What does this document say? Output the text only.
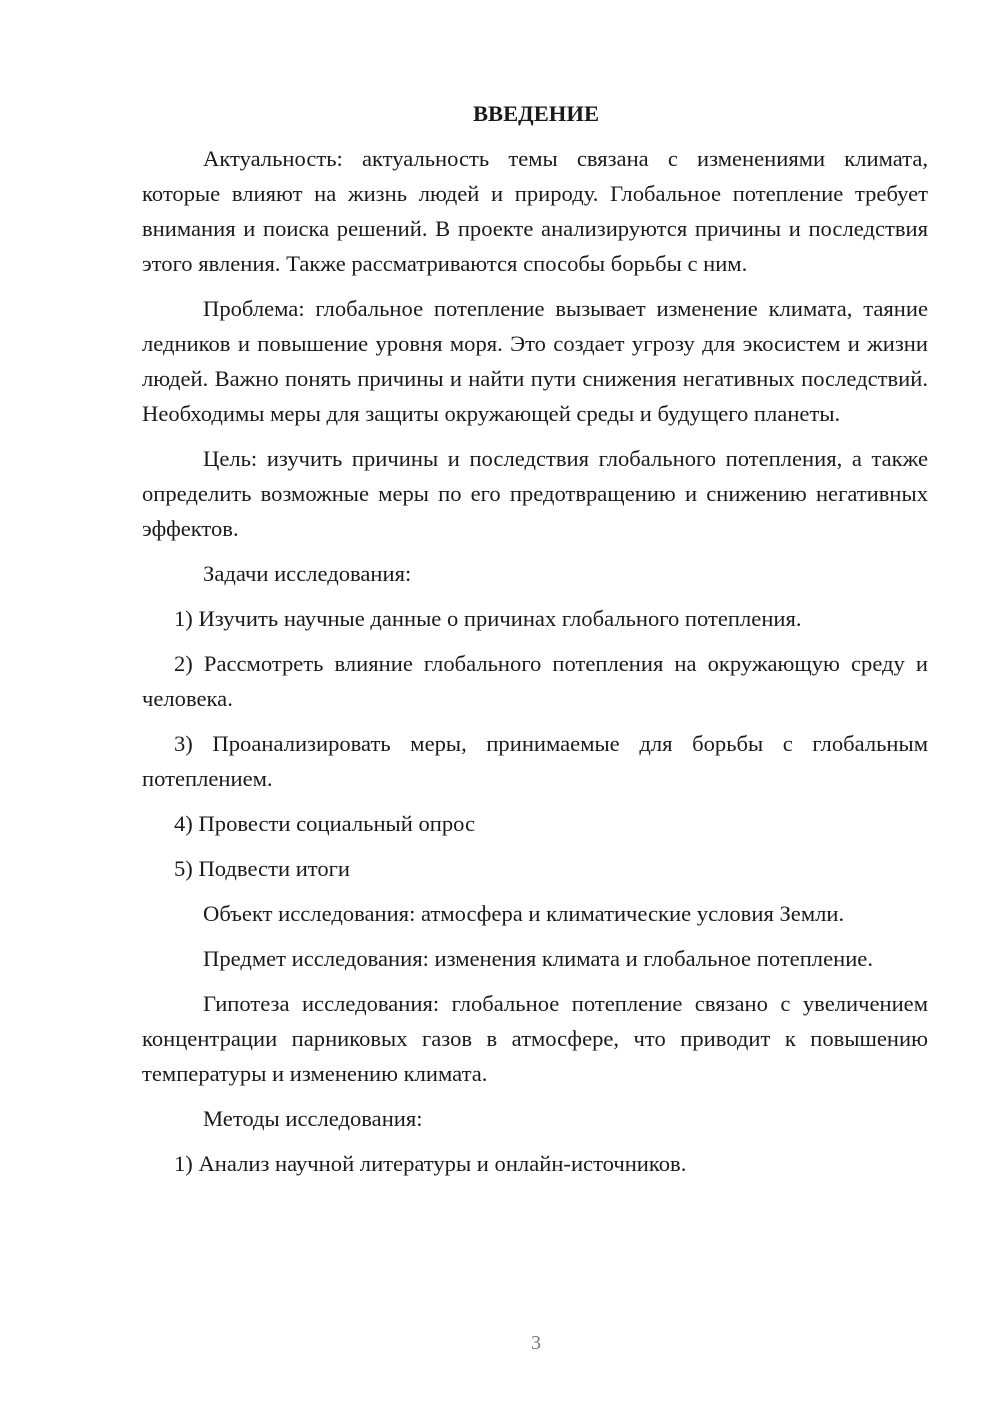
ВВЕДЕНИЕ

Актуальность: актуальность темы связана с изменениями климата, которые влияют на жизнь людей и природу. Глобальное потепление требует внимания и поиска решений. В проекте анализируются причины и последствия этого явления. Также рассматриваются способы борьбы с ним.

Проблема: глобальное потепление вызывает изменение климата, таяние ледников и повышение уровня моря. Это создает угрозу для экосистем и жизни людей. Важно понять причины и найти пути снижения негативных последствий. Необходимы меры для защиты окружающей среды и будущего планеты.

Цель: изучить причины и последствия глобального потепления, а также определить возможные меры по его предотвращению и снижению негативных эффектов.

Задачи исследования:

1) Изучить научные данные о причинах глобального потепления.

2) Рассмотреть влияние глобального потепления на окружающую среду и человека.

3) Проанализировать меры, принимаемые для борьбы с глобальным потеплением.

4) Провести социальный опрос

5) Подвести итоги

Объект исследования: атмосфера и климатические условия Земли.

Предмет исследования: изменения климата и глобальное потепление.

Гипотеза исследования: глобальное потепление связано с увеличением концентрации парниковых газов в атмосфере, что приводит к повышению температуры и изменению климата.

Методы исследования:

1) Анализ научной литературы и онлайн-источников.

3
